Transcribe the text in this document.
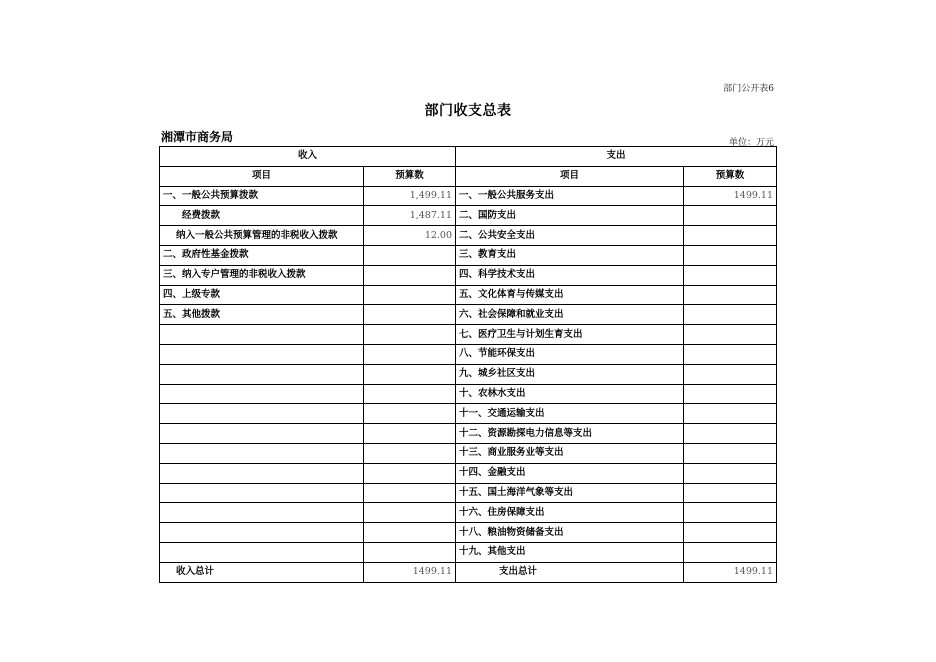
部门公开表6
部门收支总表
湘潭市商务局	单位：万元
收入		支出	
项目	预算数	项目	预算数
一、一般公共预算拨款	1,499.11	一、一般公共服务支出	1499.11
经费拨款	1,487.11	二、国防支出	
纳入一般公共预算管理的非税收入拨款	12.00	二、公共安全支出	
二、政府性基金拨款		三、教育支出	
三、纳入专户管理的非税收入拨款		四、科学技术支出	
四、上级专款		五、文化体育与传媒支出	
五、其他拨款		六、社会保障和就业支出	
		七、医疗卫生与计划生育支出	
		八、节能环保支出	
		九、城乡社区支出	
		十、农林水支出	
		十一、交通运输支出	
		十二、资源勘探电力信息等支出	
		十三、商业服务业等支出	
		十四、金融支出	
		十五、国土海洋气象等支出	
		十六、住房保障支出	
		十八、粮油物资储备支出	
		十九、其他支出	
收入总计	1499.11	支出总计	1499.11
